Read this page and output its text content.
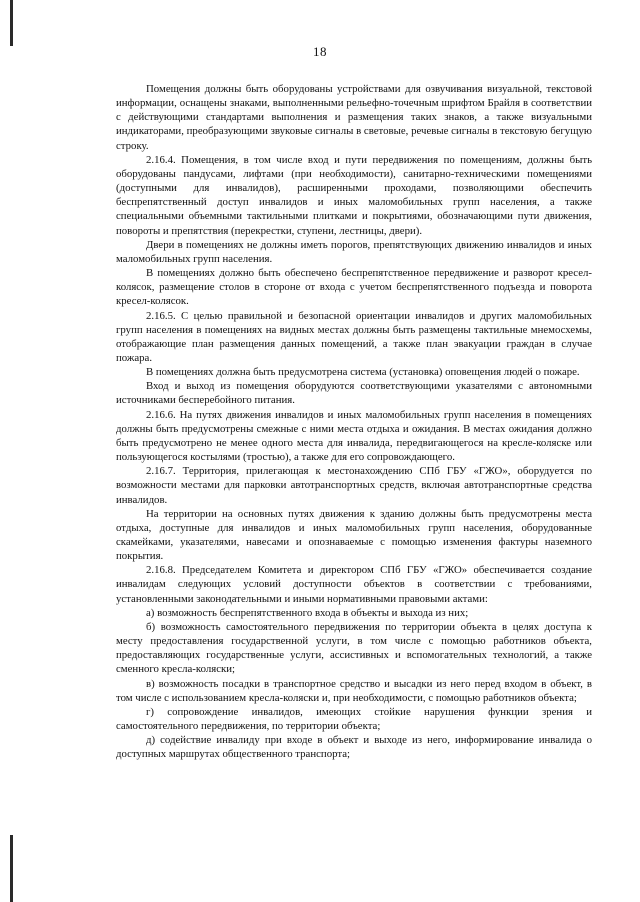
18

Помещения должны быть оборудованы устройствами для озвучивания визуальной, текстовой информации, оснащены знаками, выполненными рельефно-точечным шрифтом Брайля в соответствии с действующими стандартами выполнения и размещения таких знаков, а также визуальными индикаторами, преобразующими звуковые сигналы в световые, речевые сигналы в текстовую бегущую строку.

2.16.4. Помещения, в том числе вход и пути передвижения по помещениям, должны быть оборудованы пандусами, лифтами (при необходимости), санитарно-техническими помещениями (доступными для инвалидов), расширенными проходами, позволяющими обеспечить беспрепятственный доступ инвалидов и иных маломобильных групп населения, а также специальными объемными тактильными плитками и покрытиями, обозначающими пути движения, повороты и препятствия (перекрестки, ступени, лестницы, двери).

Двери в помещениях не должны иметь порогов, препятствующих движению инвалидов и иных маломобильных групп населения.

В помещениях должно быть обеспечено беспрепятственное передвижение и разворот кресел-колясок, размещение столов в стороне от входа с учетом беспрепятственного подъезда и поворота кресел-колясок.

2.16.5. С целью правильной и безопасной ориентации инвалидов и других маломобильных групп населения в помещениях на видных местах должны быть размещены тактильные мнемосхемы, отображающие план размещения данных помещений, а также план эвакуации граждан в случае пожара.

В помещениях должна быть предусмотрена система (установка) оповещения людей о пожаре.

Вход и выход из помещения оборудуются соответствующими указателями с автономными источниками бесперебойного питания.

2.16.6. На путях движения инвалидов и иных маломобильных групп населения в помещениях должны быть предусмотрены смежные с ними места отдыха и ожидания. В местах ожидания должно быть предусмотрено не менее одного места для инвалида, передвигающегося на кресле-коляске или пользующегося костылями (тростью), а также для его сопровождающего.

2.16.7. Территория, прилегающая к местонахождению СПб ГБУ «ГЖО», оборудуется по возможности местами для парковки автотранспортных средств, включая автотранспортные средства инвалидов.

На территории на основных путях движения к зданию должны быть предусмотрены места отдыха, доступные для инвалидов и иных маломобильных групп населения, оборудованные скамейками, указателями, навесами и опознаваемые с помощью изменения фактуры наземного покрытия.

2.16.8. Председателем Комитета и директором СПб ГБУ «ГЖО» обеспечивается создание инвалидам следующих условий доступности объектов в соответствии с требованиями, установленными законодательными и иными нормативными правовыми актами:

а) возможность беспрепятственного входа в объекты и выхода из них;

б) возможность самостоятельного передвижения по территории объекта в целях доступа к месту предоставления государственной услуги, в том числе с помощью работников объекта, предоставляющих государственные услуги, ассистивных и вспомогательных технологий, а также сменного кресла-коляски;

в) возможность посадки в транспортное средство и высадки из него перед входом в объект, в том числе с использованием кресла-коляски и, при необходимости, с помощью работников объекта;

г) сопровождение инвалидов, имеющих стойкие нарушения функции зрения и самостоятельного передвижения, по территории объекта;

д) содействие инвалиду при входе в объект и выходе из него, информирование инвалида о доступных маршрутах общественного транспорта;
